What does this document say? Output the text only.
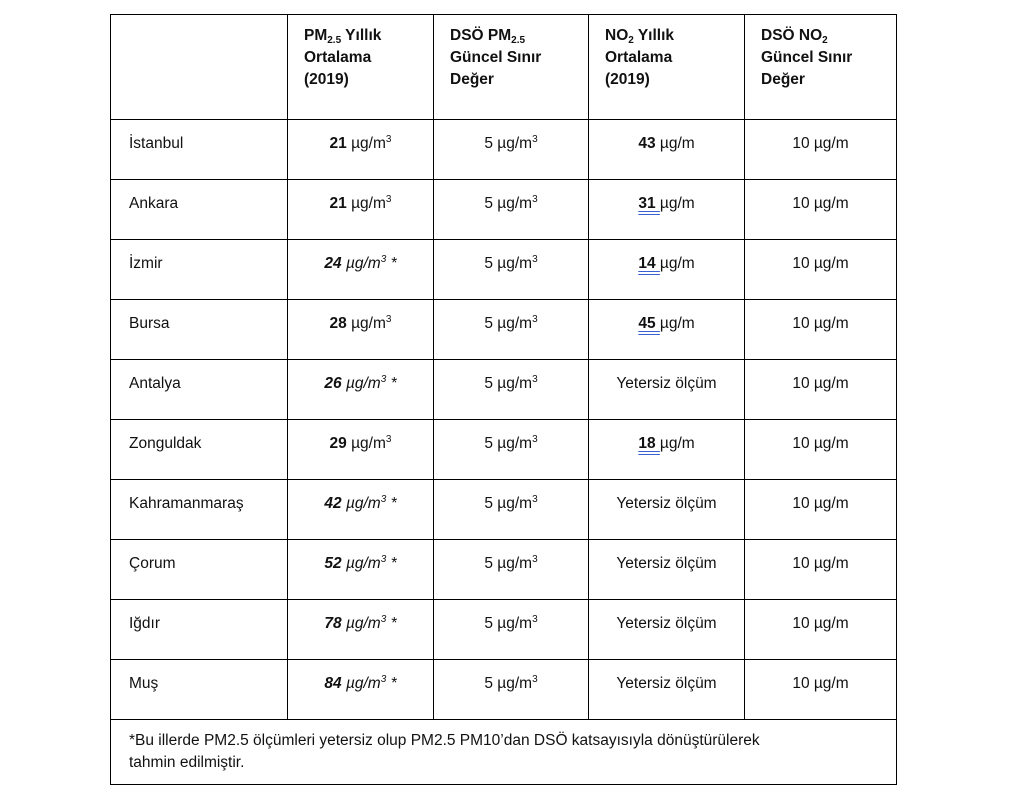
	$PM_{2.5}$ Yıllık
Ortalama
(2019)	DSÖ $PM_{2.5}$
Güncel Sınır
Değer	$NO_2$ Yıllık
Ortalama
(2019)	DSÖ $NO_2$
Güncel Sınır
Değer
İstanbul	21 $\mu g/m^3$	5 $\mu g/m^3$	43 µg/m	10 µg/m
Ankara	21 $\mu g/m^3$	5 $\mu g/m^3$	31 µg/m	10 µg/m
İzmir	24 $\mu g/m^3$ *	5 $\mu g/m^3$	14 µg/m	10 µg/m
Bursa	28 $\mu g/m^3$	5 $\mu g/m^3$	45 µg/m	10 µg/m
Antalya	26 $\mu g/m^3$ *	5 $\mu g/m^3$	Yetersiz ölçüm	10 µg/m
Zonguldak	29 $\mu g/m^3$	5 $\mu g/m^3$	18 µg/m	10 µg/m
Kahramanmaraş	42 $\mu g/m^3$ *	5 $\mu g/m^3$	Yetersiz ölçüm	10 µg/m
Çorum	52 $\mu g/m^3$ *	5 $\mu g/m^3$	Yetersiz ölçüm	10 µg/m
Iğdır	78 $\mu g/m^3$ *	5 $\mu g/m^3$	Yetersiz ölçüm	10 µg/m
Muş	84 $\mu g/m^3$ *	5 $\mu g/m^3$	Yetersiz ölçüm	10 µg/m
*Bu illerde PM2.5 ölçümleri yetersiz olup PM2.5 PM10’dan DSÖ katsayısıyla dönüştürülerek
tahmin edilmiştir.				
